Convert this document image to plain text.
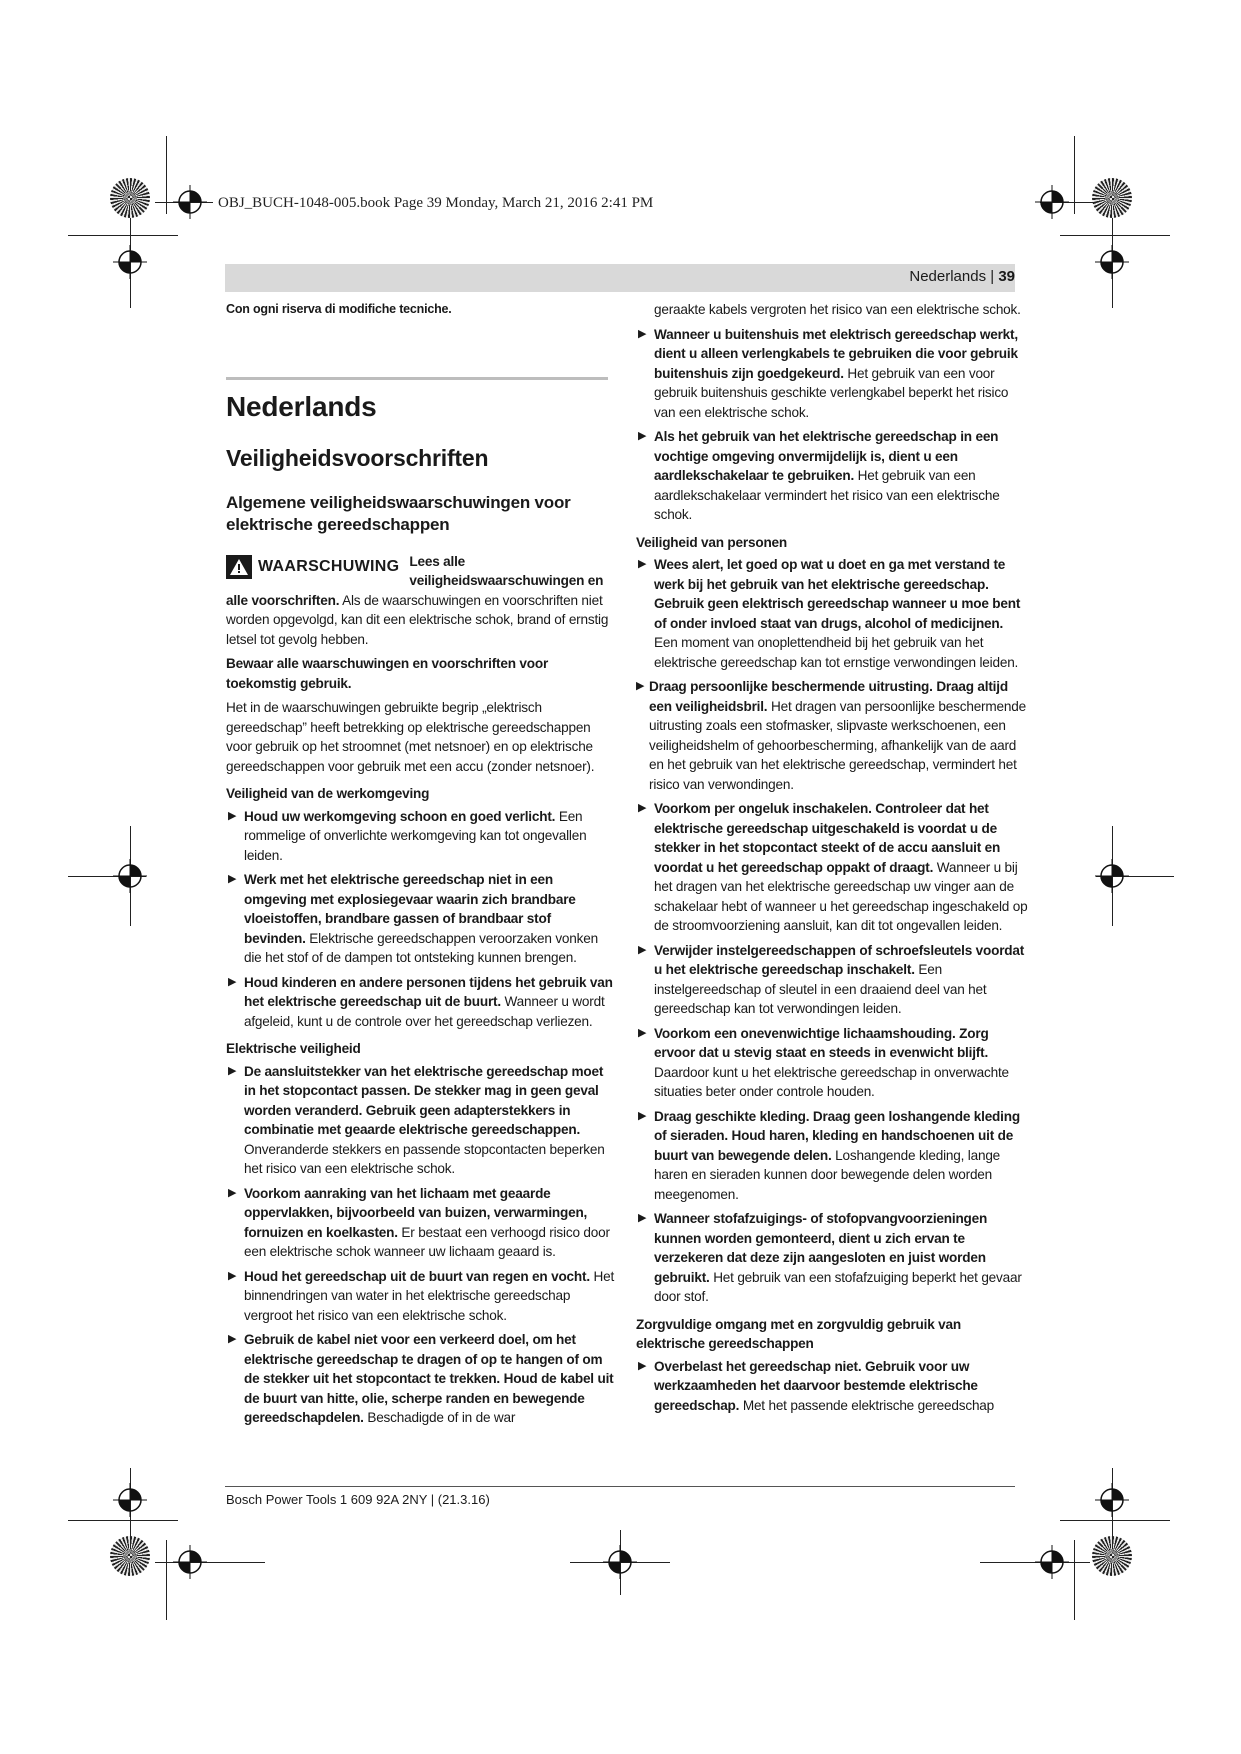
OBJ_BUCH-1048-005.book Page 39 Monday, March 21, 2016 2:41 PM
Nederlands | 39

Con ogni riserva di modifiche tecniche.

Nederlands
Veiligheidsvoorschriften
Algemene veiligheidswaarschuwingen voor elektrische gereedschappen

WAARSCHUWING Lees alle veiligheidswaarschuwingen en alle voorschriften. Als de waarschuwingen en voorschriften niet worden opgevolgd, kan dit een elektrische schok, brand of ernstig letsel tot gevolg hebben.

Bewaar alle waarschuwingen en voorschriften voor toekomstig gebruik.

Het in de waarschuwingen gebruikte begrip „elektrisch gereedschap” heeft betrekking op elektrische gereedschappen voor gebruik op het stroomnet (met netsnoer) en op elektrische gereedschappen voor gebruik met een accu (zonder netsnoer).

Veiligheid van de werkomgeving
▶ Houd uw werkomgeving schoon en goed verlicht. Een rommelige of onverlichte werkomgeving kan tot ongevallen leiden.
▶ Werk met het elektrische gereedschap niet in een omgeving met explosiegevaar waarin zich brandbare vloeistoffen, brandbare gassen of brandbaar stof bevinden. Elektrische gereedschappen veroorzaken vonken die het stof of de dampen tot ontsteking kunnen brengen.
▶ Houd kinderen en andere personen tijdens het gebruik van het elektrische gereedschap uit de buurt. Wanneer u wordt afgeleid, kunt u de controle over het gereedschap verliezen.
Elektrische veiligheid
▶ De aansluitstekker van het elektrische gereedschap moet in het stopcontact passen. De stekker mag in geen geval worden veranderd. Gebruik geen adapterstekkers in combinatie met geaarde elektrische gereedschappen. Onveranderde stekkers en passende stopcontacten beperken het risico van een elektrische schok.
▶ Voorkom aanraking van het lichaam met geaarde oppervlakken, bijvoorbeeld van buizen, verwarmingen, fornuizen en koelkasten. Er bestaat een verhoogd risico door een elektrische schok wanneer uw lichaam geaard is.
▶ Houd het gereedschap uit de buurt van regen en vocht. Het binnendringen van water in het elektrische gereedschap vergroot het risico van een elektrische schok.
▶ Gebruik de kabel niet voor een verkeerd doel, om het elektrische gereedschap te dragen of op te hangen of om de stekker uit het stopcontact te trekken. Houd de kabel uit de buurt van hitte, olie, scherpe randen en bewegende gereedschapdelen. Beschadigde of in de war

geraakte kabels vergroten het risico van een elektrische schok.

▶ Wanneer u buitenshuis met elektrisch gereedschap werkt, dient u alleen verlengkabels te gebruiken die voor gebruik buitenshuis zijn goedgekeurd. Het gebruik van een voor gebruik buitenshuis geschikte verlengkabel beperkt het risico van een elektrische schok.
▶ Als het gebruik van het elektrische gereedschap in een vochtige omgeving onvermijdelijk is, dient u een aardlekschakelaar te gebruiken. Het gebruik van een aardlekschakelaar vermindert het risico van een elektrische schok.
Veiligheid van personen
▶ Wees alert, let goed op wat u doet en ga met verstand te werk bij het gebruik van het elektrische gereedschap. Gebruik geen elektrisch gereedschap wanneer u moe bent of onder invloed staat van drugs, alcohol of medicijnen. Een moment van onoplettendheid bij het gebruik van het elektrische gereedschap kan tot ernstige verwondingen leiden.
▶ Draag persoonlijke beschermende uitrusting. Draag altijd een veiligheidsbril. Het dragen van persoonlijke beschermende uitrusting zoals een stofmasker, slipvaste werkschoenen, een veiligheidshelm of gehoorbescherming, afhankelijk van de aard en het gebruik van het elektrische gereedschap, vermindert het risico van verwondingen.
▶ Voorkom per ongeluk inschakelen. Controleer dat het elektrische gereedschap uitgeschakeld is voordat u de stekker in het stopcontact steekt of de accu aansluit en voordat u het gereedschap oppakt of draagt. Wanneer u bij het dragen van het elektrische gereedschap uw vinger aan de schakelaar hebt of wanneer u het gereedschap ingeschakeld op de stroomvoorziening aansluit, kan dit tot ongevallen leiden.
▶ Verwijder instelgereedschappen of schroefsleutels voordat u het elektrische gereedschap inschakelt. Een instelgereedschap of sleutel in een draaiend deel van het gereedschap kan tot verwondingen leiden.
▶ Voorkom een onevenwichtige lichaamshouding. Zorg ervoor dat u stevig staat en steeds in evenwicht blijft. Daardoor kunt u het elektrische gereedschap in onverwachte situaties beter onder controle houden.
▶ Draag geschikte kleding. Draag geen loshangende kleding of sieraden. Houd haren, kleding en handschoenen uit de buurt van bewegende delen. Loshangende kleding, lange haren en sieraden kunnen door bewegende delen worden meegenomen.
▶ Wanneer stofafzuigings- of stofopvangvoorzieningen kunnen worden gemonteerd, dient u zich ervan te verzekeren dat deze zijn aangesloten en juist worden gebruikt. Het gebruik van een stofafzuiging beperkt het gevaar door stof.
Zorgvuldige omgang met en zorgvuldig gebruik van elektrische gereedschappen
▶ Overbelast het gereedschap niet. Gebruik voor uw werkzaamheden het daarvoor bestemde elektrische gereedschap. Met het passende elektrische gereedschap
Bosch Power Tools 1 609 92A 2NY | (21.3.16)
